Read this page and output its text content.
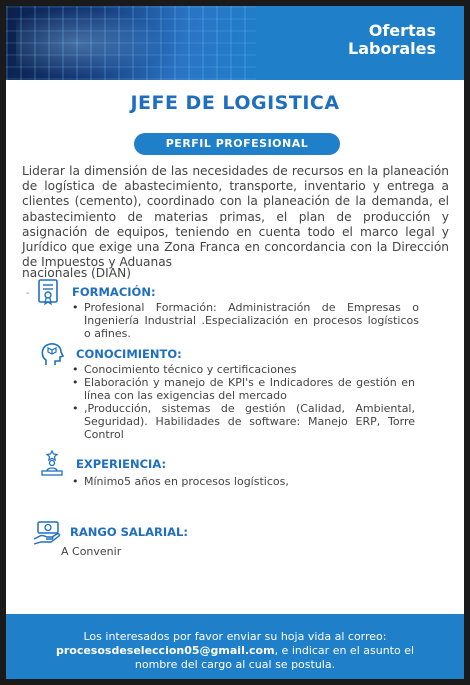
Ofertas
Laborales
JEFE DE LOGISTICA
PERFIL PROFESIONAL
Liderar la dimensión de las necesidades de recursos en la planeación de logística de abastecimiento, transporte, inventario y entrega a clientes (cemento), coordinado con la planeación de la demanda, el abastecimiento de materias primas, el plan de producción y asignación de equipos, teniendo en cuenta todo el marco legal y Jurídico que exige una Zona Franca en concordancia con la Dirección de Impuestos y Aduanas
nacionales (DIAN)
-	FORMACIÓN:
• Profesional Formación: Administración de Empresas o Ingeniería Industrial .Especialización en procesos logísticos o afines.
CONOCIMIENTO:
• Conocimiento técnico y certificaciones
• Elaboración y manejo de KPI's e Indicadores de gestión en línea con las exigencias del mercado
• ,Producción, sistemas de gestión (Calidad, Ambiental, Seguridad). Habilidades de software: Manejo ERP, Torre Control
EXPERIENCIA:
• Mínimo5 años en procesos logísticos,
RANGO SALARIAL:
A Convenir
Los interesados por favor enviar su hoja vida al correo:
procesosdeseleccion05@gmail.com, e indicar en el asunto el
nombre del cargo al cual se postula.
